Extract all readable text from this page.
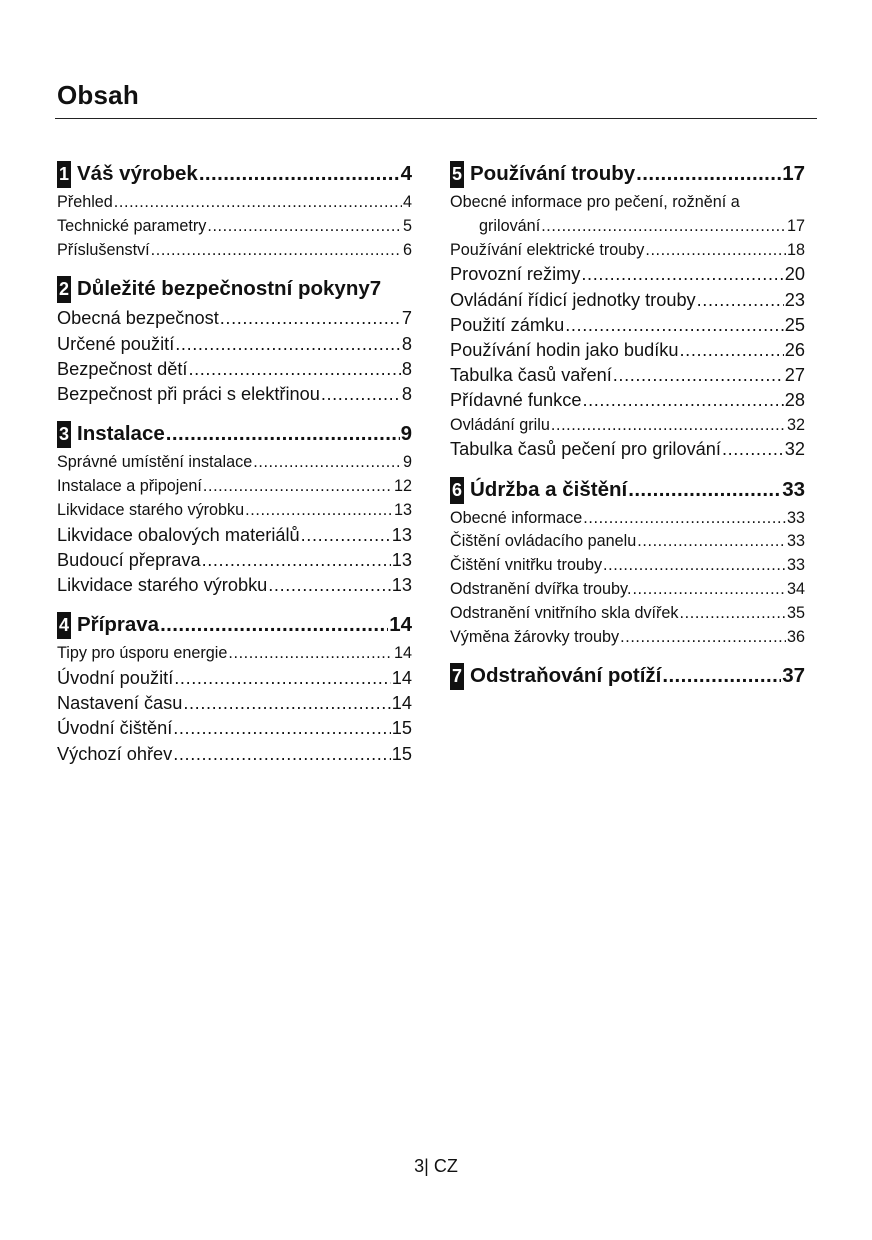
Obsah
1 Váš výrobek .....	4
Přehled .....	4
Technické parametry .....	5
Příslušenství .....	6
2 Důležité bezpečnostní pokyny 7
Obecná bezpečnost .....	7
Určené použití .....	8
Bezpečnost dětí .....	8
Bezpečnost při práci s elektřinou .....	8
3 Instalace .....	9
Správné umístění instalace .....	9
Instalace a připojení .....	12
Likvidace starého výrobku .....	13
Likvidace obalových materiálů .....	13
Budoucí přeprava .....	13
Likvidace starého výrobku .....	13
4 Příprava .....	14
Tipy pro úsporu energie .....	14
Úvodní použití .....	14
Nastavení času .....	14
Úvodní čištění .....	15
Výchozí ohřev .....	15
5 Používání trouby .....	17
Obecné informace pro pečení, rožnění a
grilování .....	17
Používání elektrické trouby .....	18
Provozní režimy .....	20
Ovládání řídicí jednotky trouby .....	23
Použití zámku .....	25
Používání hodin jako budíku .....	26
Tabulka časů vaření .....	27
Přídavné funkce .....	28
Ovládání grilu .....	32
Tabulka časů pečení pro grilování .....	32
6 Údržba a čištění .....	33
Obecné informace .....	33
Čištění ovládacího panelu .....	33
Čištění vnitřku trouby .....	33
Odstranění dvířka trouby. .....	34
Odstranění vnitřního skla dvířek .....	35
Výměna žárovky trouby .....	36
7 Odstraňování potíží .....	37
3| CZ
